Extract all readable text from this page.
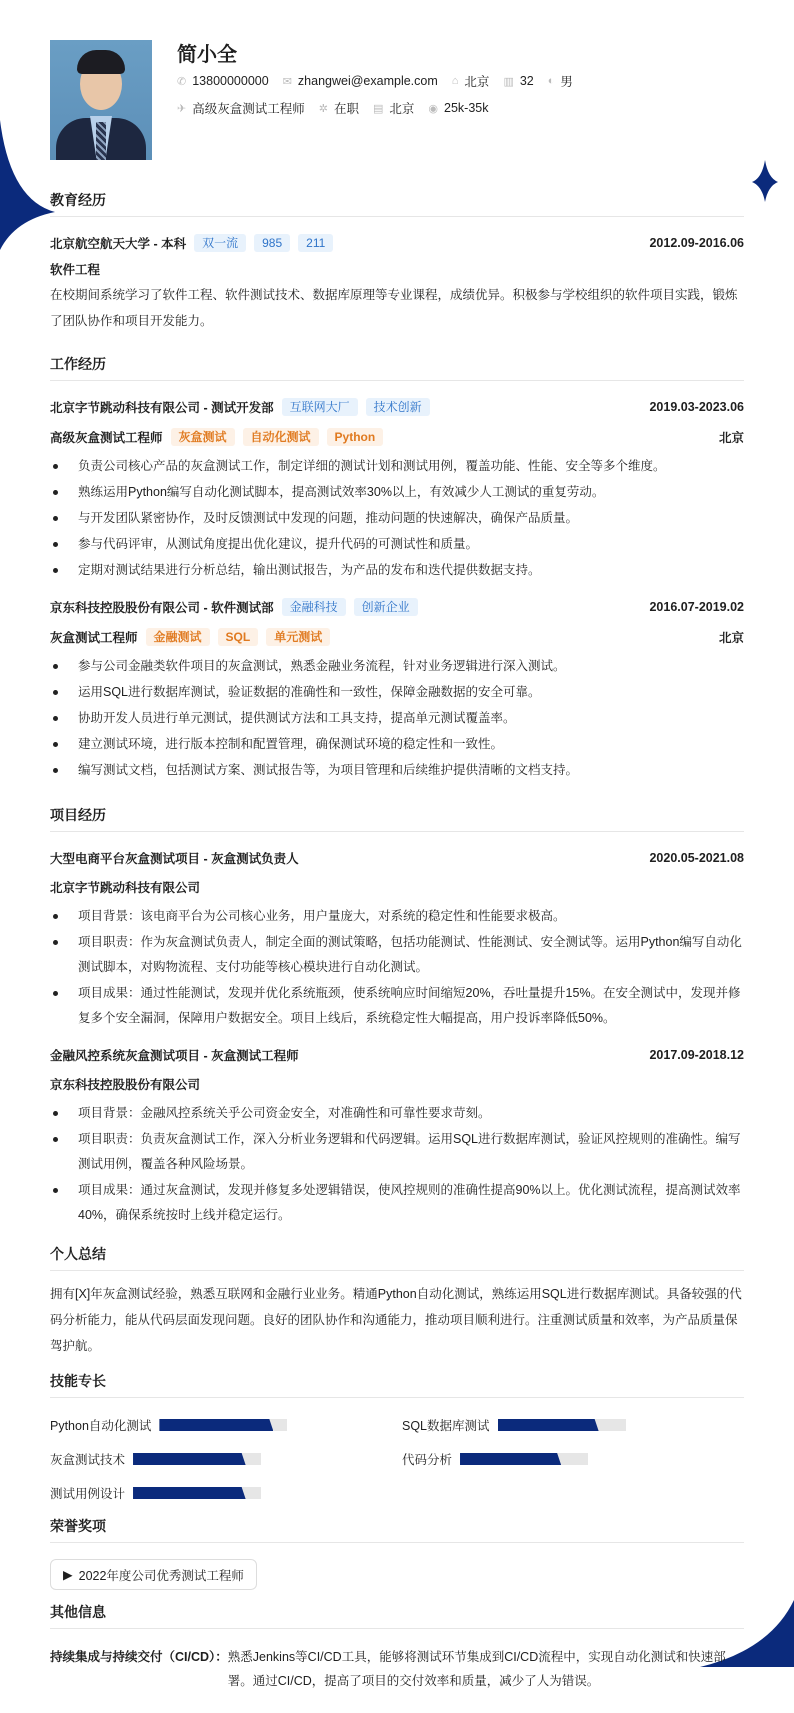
简小全
✆ 13800000000 ✉ zhangwei@example.com ⌂ 北京 ▥ 32 ◐ 男
✈ 高级灰盒测试工程师 ✲ 在职 ▤ 北京 ◉ 25k-35k
教育经历
北京航空航天大学 - 本科	双一流	985	211	2012.09-2016.06
软件工程
在校期间系统学习了软件工程、软件测试技术、数据库原理等专业课程，成绩优异。积极参与学校组织的软件项目实践，锻炼了团队协作和项目开发能力。
工作经历
北京字节跳动科技有限公司 - 测试开发部	互联网大厂	技术创新	2019.03-2023.06
高级灰盒测试工程师	灰盒测试	自动化测试	Python	北京
负责公司核心产品的灰盒测试工作，制定详细的测试计划和测试用例，覆盖功能、性能、安全等多个维度。
熟练运用Python编写自动化测试脚本，提高测试效率30%以上，有效减少人工测试的重复劳动。
与开发团队紧密协作，及时反馈测试中发现的问题，推动问题的快速解决，确保产品质量。
参与代码评审，从测试角度提出优化建议，提升代码的可测试性和质量。
定期对测试结果进行分析总结，输出测试报告，为产品的发布和迭代提供数据支持。
京东科技控股股份有限公司 - 软件测试部	金融科技	创新企业	2016.07-2019.02
灰盒测试工程师	金融测试	SQL	单元测试	北京
参与公司金融类软件项目的灰盒测试，熟悉金融业务流程，针对业务逻辑进行深入测试。
运用SQL进行数据库测试，验证数据的准确性和一致性，保障金融数据的安全可靠。
协助开发人员进行单元测试，提供测试方法和工具支持，提高单元测试覆盖率。
建立测试环境，进行版本控制和配置管理，确保测试环境的稳定性和一致性。
编写测试文档，包括测试方案、测试报告等，为项目管理和后续维护提供清晰的文档支持。
项目经历
大型电商平台灰盒测试项目 - 灰盒测试负责人	2020.05-2021.08
北京字节跳动科技有限公司
项目背景：该电商平台为公司核心业务，用户量庞大，对系统的稳定性和性能要求极高。
项目职责：作为灰盒测试负责人，制定全面的测试策略，包括功能测试、性能测试、安全测试等。运用Python编写自动化测试脚本，对购物流程、支付功能等核心模块进行自动化测试。
项目成果：通过性能测试，发现并优化系统瓶颈，使系统响应时间缩短20%，吞吐量提升15%。在安全测试中，发现并修复多个安全漏洞，保障用户数据安全。项目上线后，系统稳定性大幅提高，用户投诉率降低50%。
金融风控系统灰盒测试项目 - 灰盒测试工程师	2017.09-2018.12
京东科技控股股份有限公司
项目背景：金融风控系统关乎公司资金安全，对准确性和可靠性要求苛刻。
项目职责：负责灰盒测试工作，深入分析业务逻辑和代码逻辑。运用SQL进行数据库测试，验证风控规则的准确性。编写测试用例，覆盖各种风险场景。
项目成果：通过灰盒测试，发现并修复多处逻辑错误，使风控规则的准确性提高90%以上。优化测试流程，提高测试效率40%，确保系统按时上线并稳定运行。
个人总结
拥有[X]年灰盒测试经验，熟悉互联网和金融行业业务。精通Python自动化测试，熟练运用SQL进行数据库测试。具备较强的代码分析能力，能从代码层面发现问题。良好的团队协作和沟通能力，推动项目顺利进行。注重测试质量和效率，为产品质量保驾护航。
技能专长
Python自动化测试	SQL数据库测试
灰盒测试技术	代码分析
测试用例设计
荣誉奖项
▶ 2022年度公司优秀测试工程师
其他信息
持续集成与持续交付（CI/CD）： 熟悉Jenkins等CI/CD工具，能够将测试环节集成到CI/CD流程中，实现自动化测试和快速部署。通过CI/CD，提高了项目的交付效率和质量，减少了人为错误。
